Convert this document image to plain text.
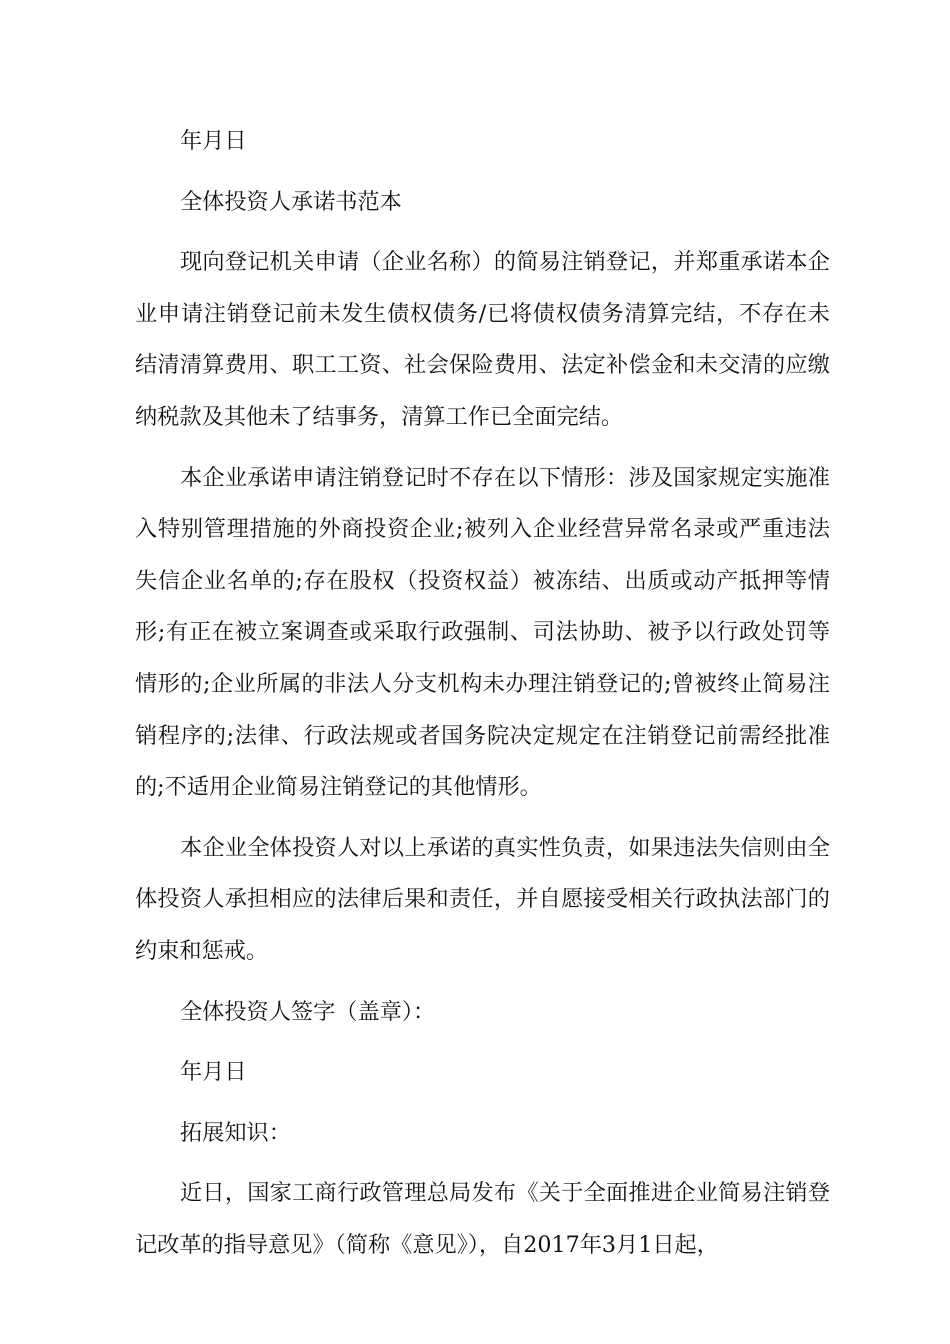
年月日

全体投资人承诺书范本

现向登记机关申请（企业名称）的简易注销登记，并郑重承诺本企业申请注销登记前未发生债权债务/已将债权债务清算完结，不存在未结清清算费用、职工工资、社会保险费用、法定补偿金和未交清的应缴纳税款及其他未了结事务，清算工作已全面完结。

本企业承诺申请注销登记时不存在以下情形：涉及国家规定实施准入特别管理措施的外商投资企业;被列入企业经营异常名录或严重违法失信企业名单的;存在股权（投资权益）被冻结、出质或动产抵押等情形;有正在被立案调查或采取行政强制、司法协助、被予以行政处罚等情形的;企业所属的非法人分支机构未办理注销登记的;曾被终止简易注销程序的;法律、行政法规或者国务院决定规定在注销登记前需经批准的;不适用企业简易注销登记的其他情形。

本企业全体投资人对以上承诺的真实性负责，如果违法失信则由全体投资人承担相应的法律后果和责任，并自愿接受相关行政执法部门的约束和惩戒。

全体投资人签字（盖章）：

年月日

拓展知识：

近日，国家工商行政管理总局发布《关于全面推进企业简易注销登记改革的指导意见》（简称《意见》），自2017年3月1日起，
